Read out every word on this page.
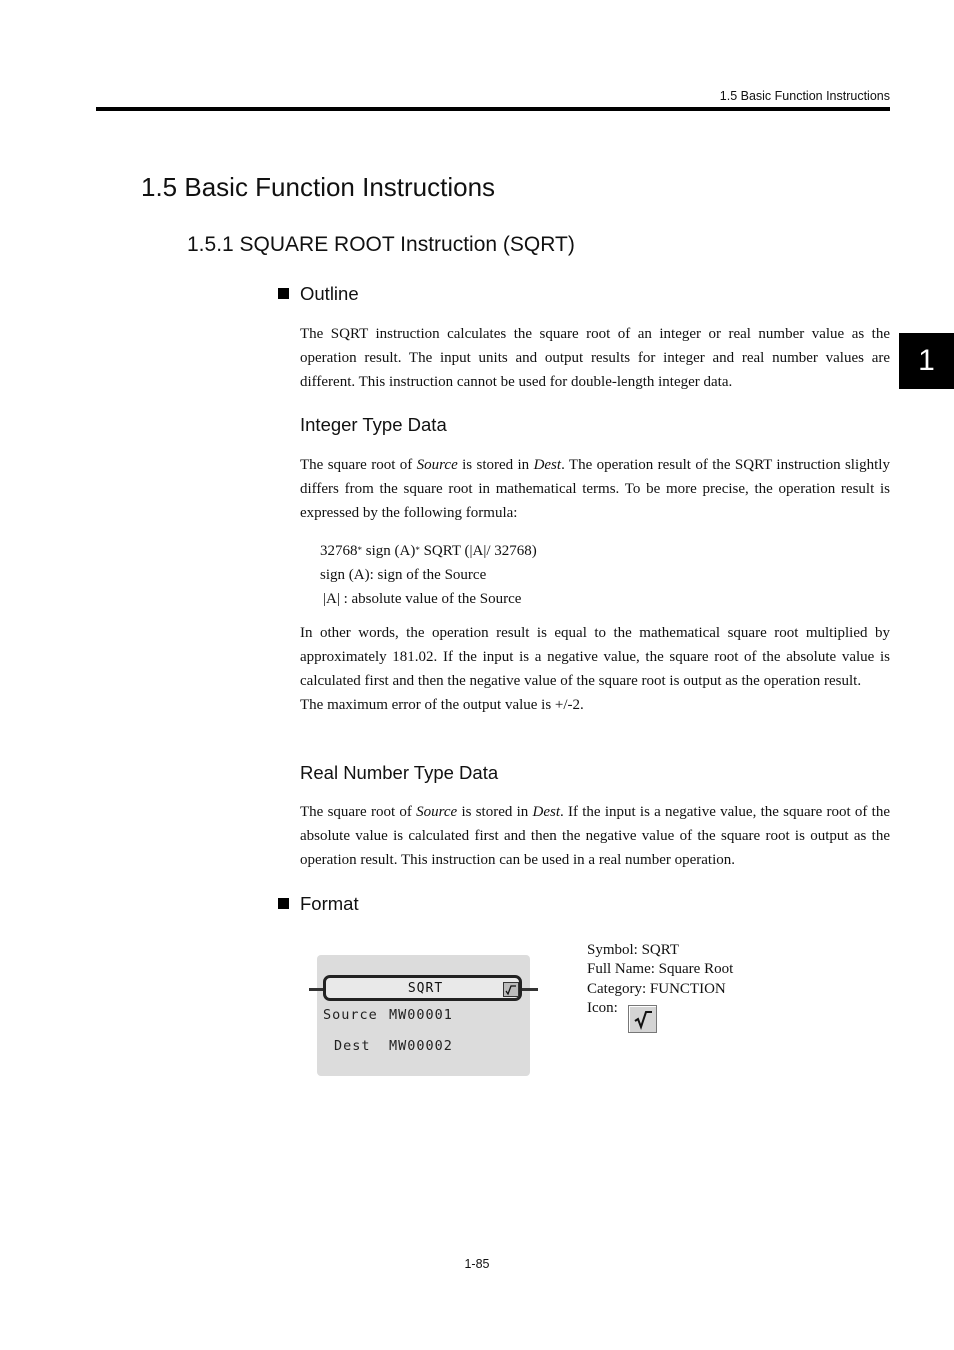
1.5 Basic Function Instructions
1
1.5 Basic Function Instructions
1.5.1 SQUARE ROOT Instruction (SQRT)
Outline
The SQRT instruction calculates the square root of an integer or real number value as the operation result. The input units and output results for integer and real number values are different. This instruction cannot be used for double-length integer data.
Integer Type Data
The square root of Source is stored in Dest. The operation result of the SQRT instruction slightly differs from the square root in mathematical terms. To be more precise, the operation result is expressed by the following formula:
32768* sign (A)* SQRT (|A|/ 32768)
sign (A): sign of the Source
|A| : absolute value of the Source
In other words, the operation result is equal to the mathematical square root multiplied by approximately 181.02. If the input is a negative value, the square root of the absolute value is calculated first and then the negative value of the square root is output as the operation result.
The maximum error of the output value is +/-2.
Real Number Type Data
The square root of Source is stored in Dest. If the input is a negative value, the square root of the absolute value is calculated first and then the negative value of the square root is output as the operation result. This instruction can be used in a real number operation.
Format
SQRT
Source MW00001
Dest MW00002
Symbol: SQRT
Full Name: Square Root
Category: FUNCTION
Icon:
1-85
